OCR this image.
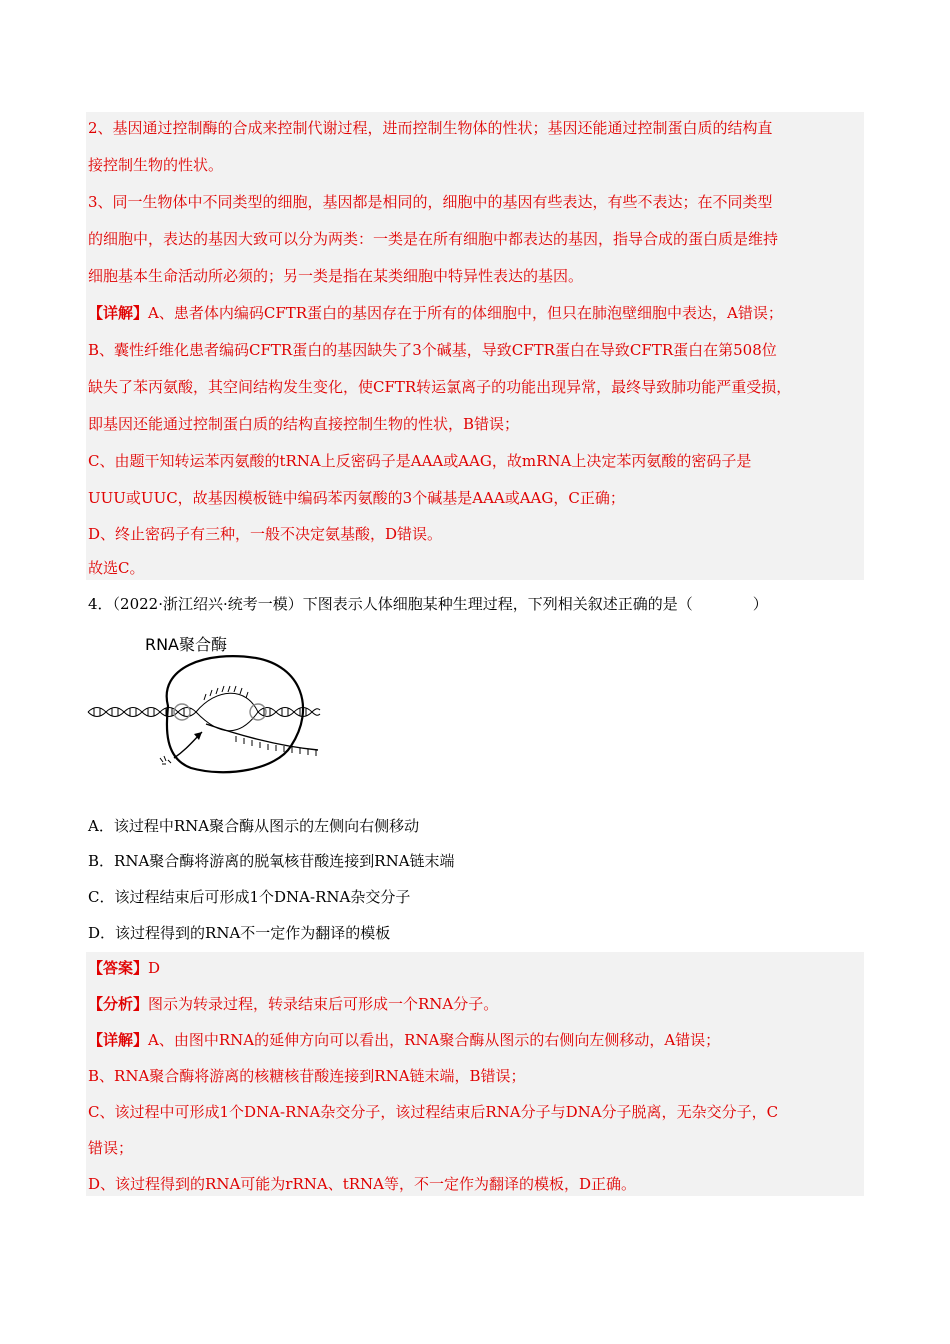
2、基因通过控制酶的合成来控制代谢过程，进而控制生物体的性状；基因还能通过控制蛋白质的结构直
接控制生物的性状。
3、同一生物体中不同类型的细胞，基因都是相同的，细胞中的基因有些表达，有些不表达；在不同类型
的细胞中，表达的基因大致可以分为两类：一类是在所有细胞中都表达的基因，指导合成的蛋白质是维持
细胞基本生命活动所必须的；另一类是指在某类细胞中特异性表达的基因。
【详解】A、患者体内编码CFTR蛋白的基因存在于所有的体细胞中，但只在肺泡壁细胞中表达，A错误；
B、囊性纤维化患者编码CFTR蛋白的基因缺失了3个碱基，导致CFTR蛋白在导致CFTR蛋白在第508位
缺失了苯丙氨酸，其空间结构发生变化，使CFTR转运氯离子的功能出现异常，最终导致肺功能严重受损，
即基因还能通过控制蛋白质的结构直接控制生物的性状，B错误；
C、由题干知转运苯丙氨酸的tRNA上反密码子是AAA或AAG，故mRNA上决定苯丙氨酸的密码子是
UUU或UUC，故基因模板链中编码苯丙氨酸的3个碱基是AAA或AAG，C正确；
D、终止密码子有三种，一般不决定氨基酸，D错误。
故选C。
4．（2022·浙江绍兴·统考一模）下图表示人体细胞某种生理过程，下列相关叙述正确的是（　　　　）
RNA聚合酶
A．该过程中RNA聚合酶从图示的左侧向右侧移动
B．RNA聚合酶将游离的脱氧核苷酸连接到RNA链末端
C．该过程结束后可形成1个DNA-RNA杂交分子
D．该过程得到的RNA不一定作为翻译的模板
【答案】D
【分析】图示为转录过程，转录结束后可形成一个RNA分子。
【详解】A、由图中RNA的延伸方向可以看出，RNA聚合酶从图示的右侧向左侧移动，A错误；
B、RNA聚合酶将游离的核糖核苷酸连接到RNA链末端，B错误；
C、该过程中可形成1个DNA-RNA杂交分子，该过程结束后RNA分子与DNA分子脱离，无杂交分子，C
错误；
D、该过程得到的RNA可能为rRNA、tRNA等，不一定作为翻译的模板，D正确。
